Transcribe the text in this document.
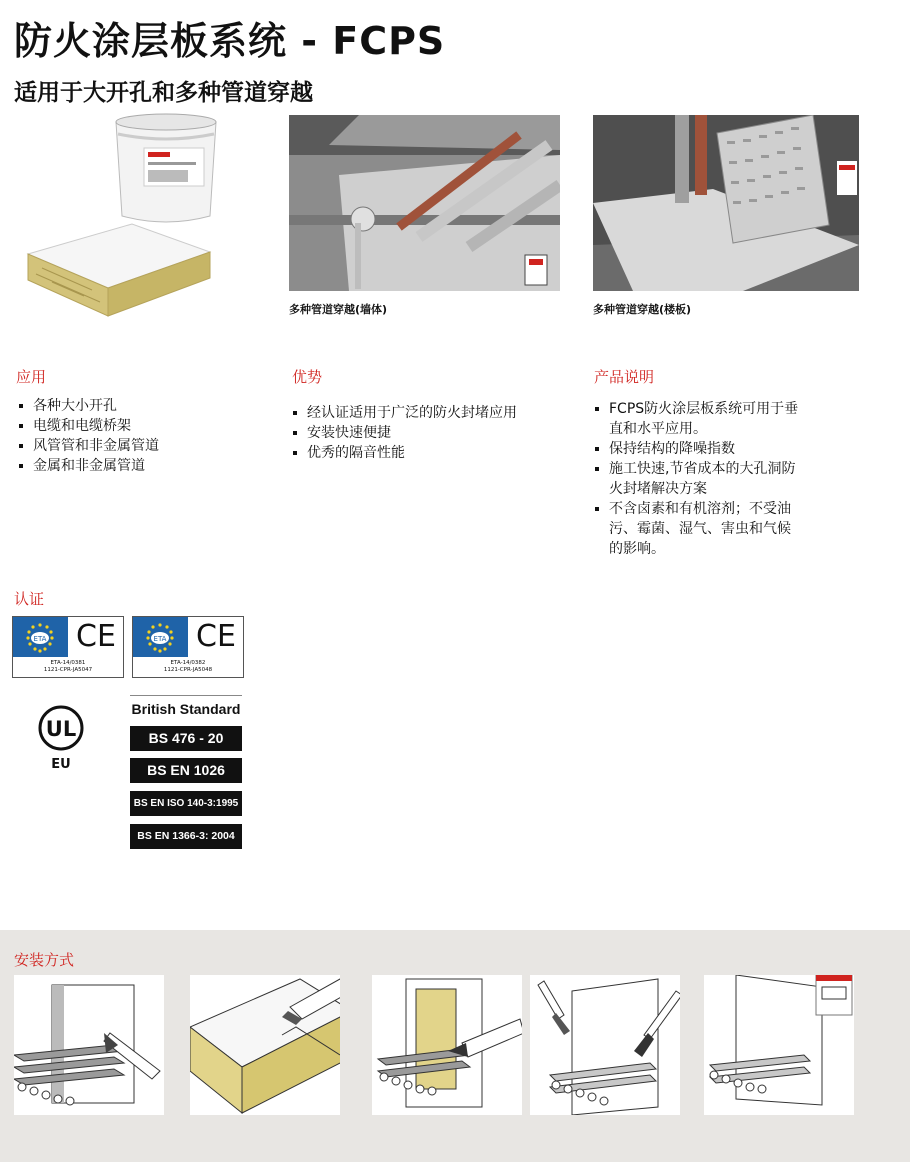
防火涂层板系统 - FCPS
适用于大开孔和多种管道穿越
多种管道穿越(墙体)	多种管道穿越(楼板)
应用
各种大小开孔
电缆和电缆桥架
风管管和非金属管道
金属和非金属管道
优势
经认证适用于广泛的防火封堵应用
安装快速便捷
优秀的隔音性能
产品说明
FCPS防火涂层板系统可用于垂直和水平应用。
保持结构的降噪指数
施工快速,节省成本的大孔洞防火封堵解决方案
不含卤素和有机溶剂；不受油污、霉菌、湿气、害虫和气候的影响。
认证
ETA CE
ETA-14/0381
1121-CPR-JA5047
ETA CE
ETA-14/0382
1121-CPR-JA5048
UL
EU
British Standard
BS 476 - 20
BS EN 1026
BS EN ISO 140-3:1995
BS EN 1366-3: 2004
安装方式
